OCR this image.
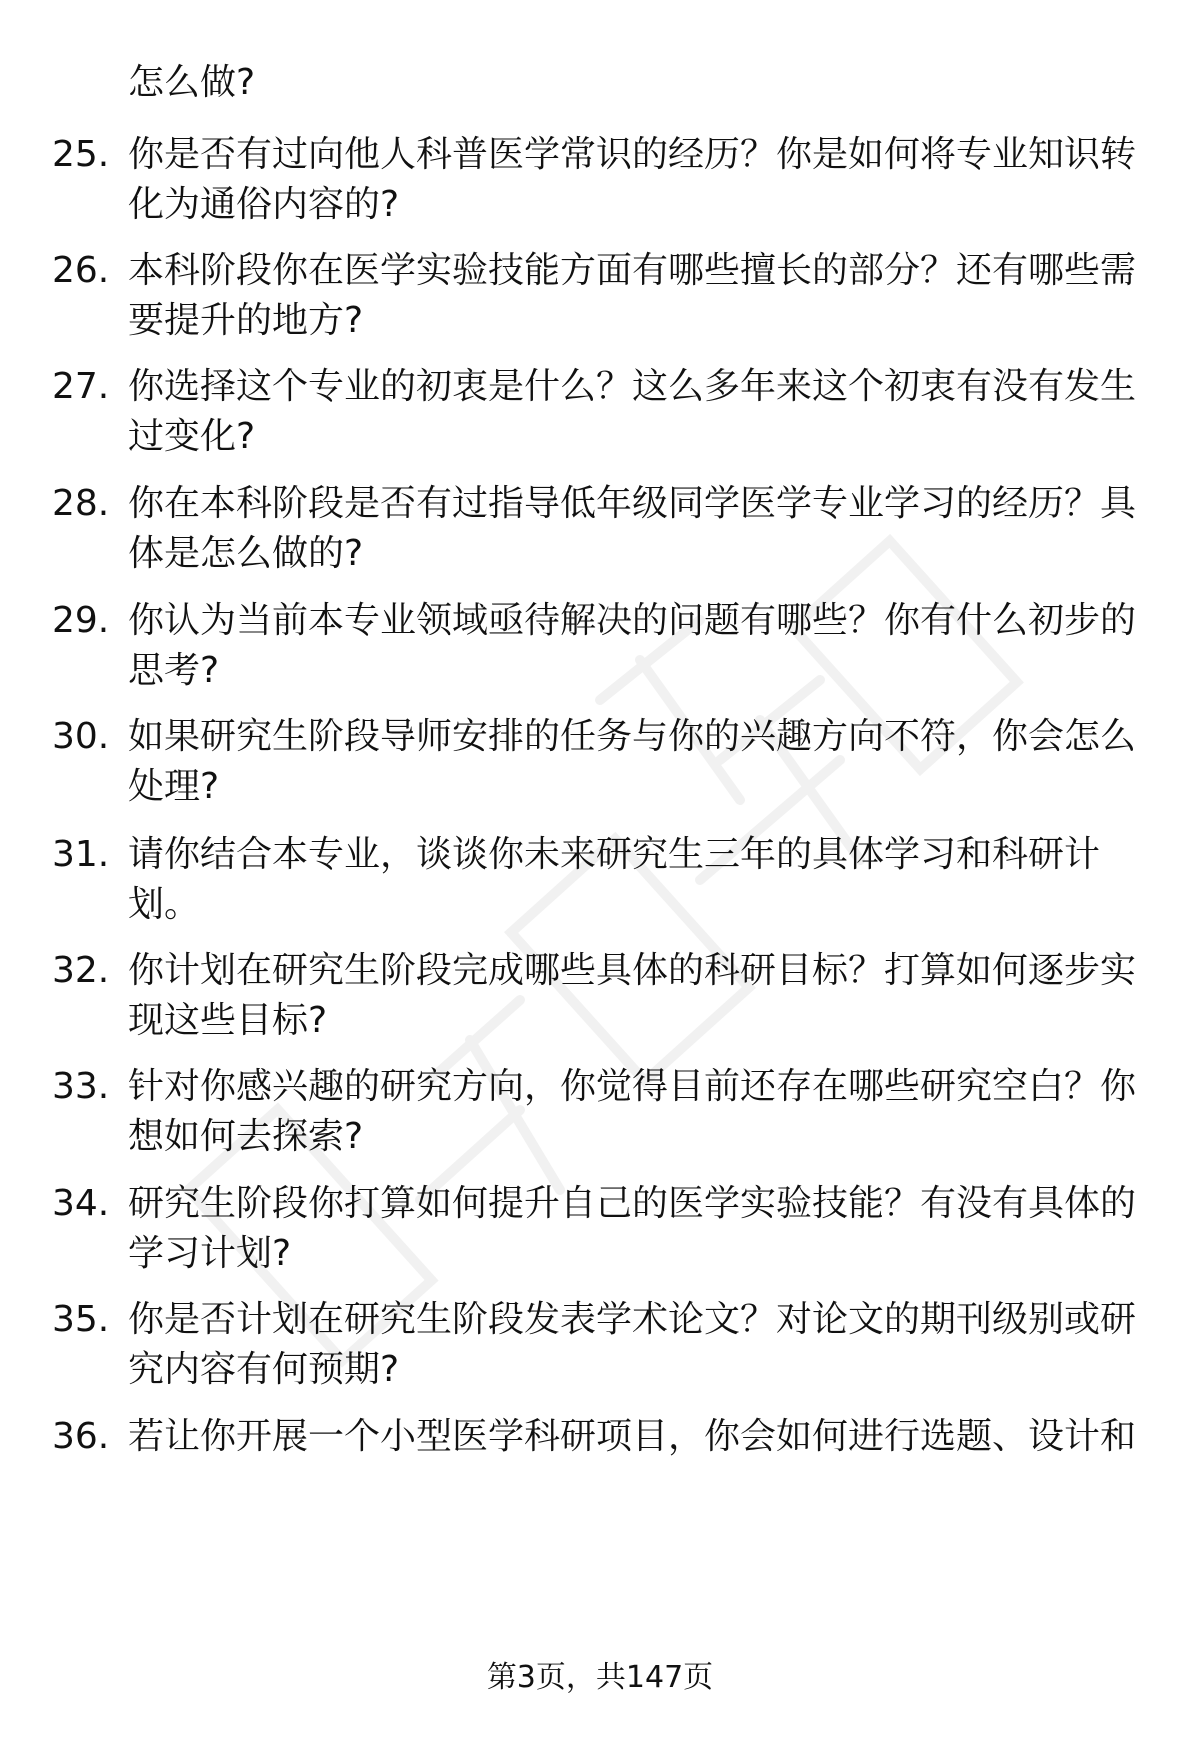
怎么做?
25. 你是否有过向他人科普医学常识的经历？你是如何将专业知识转
化为通俗内容的?
26. 本科阶段你在医学实验技能方面有哪些擅长的部分？还有哪些需
要提升的地方?
27. 你选择这个专业的初衷是什么？这么多年来这个初衷有没有发生
过变化?
28. 你在本科阶段是否有过指导低年级同学医学专业学习的经历？具
体是怎么做的?
29. 你认为当前本专业领域亟待解决的问题有哪些？你有什么初步的
思考?
30. 如果研究生阶段导师安排的任务与你的兴趣方向不符，你会怎么
处理?
31. 请你结合本专业，谈谈你未来研究生三年的具体学习和科研计
划。
32. 你计划在研究生阶段完成哪些具体的科研目标？打算如何逐步实
现这些目标?
33. 针对你感兴趣的研究方向，你觉得目前还存在哪些研究空白？你
想如何去探索?
34. 研究生阶段你打算如何提升自己的医学实验技能？有没有具体的
学习计划?
35. 你是否计划在研究生阶段发表学术论文？对论文的期刊级别或研
究内容有何预期?
36. 若让你开展一个小型医学科研项目，你会如何进行选题、设计和
第3页，共147页
